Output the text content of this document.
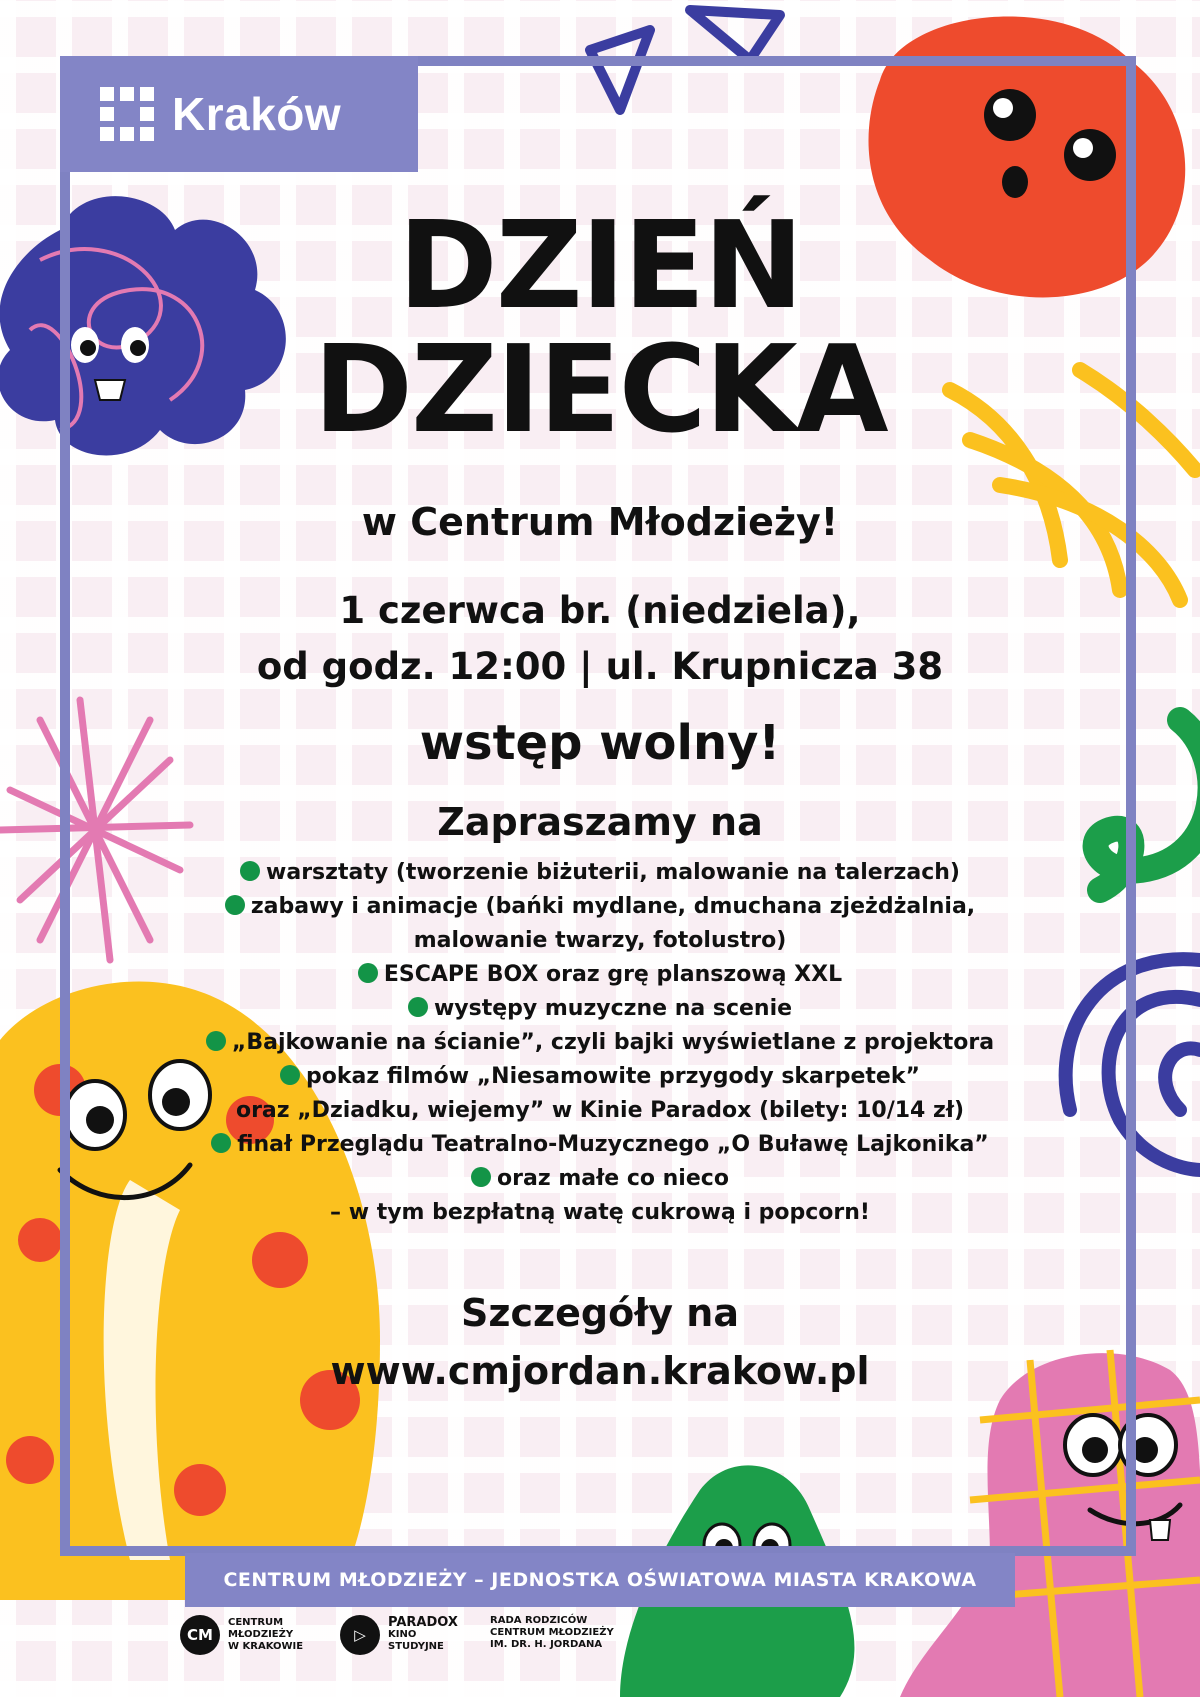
Kraków
DZIEŃ
DZIECKA
w Centrum Młodzieży!
1 czerwca br. (niedziela),
od godz. 12:00 | ul. Krupnicza 38
wstęp wolny!
Zapraszamy na
warsztaty (tworzenie biżuterii, malowanie na talerzach)
zabawy i animacje (bańki mydlane, dmuchana zjeżdżalnia,
malowanie twarzy, fotolustro)
ESCAPE BOX oraz grę planszową XXL
występy muzyczne na scenie
„Bajkowanie na ścianie”, czyli bajki wyświetlane z projektora
pokaz filmów „Niesamowite przygody skarpetek”
oraz „Dziadku, wiejemy” w Kinie Paradox (bilety: 10/14 zł)
finał Przeglądu Teatralno-Muzycznego „O Buławę Lajkonika”
oraz małe co nieco
– w tym bezpłatną watę cukrową i popcorn!
Szczegóły na
www.cmjordan.krakow.pl
CENTRUM MŁODZIEŻY – JEDNOSTKA OŚWIATOWA MIASTA KRAKOWA
CM
CENTRUM
MŁODZIEŻY
W KRAKOWIE
▷
PARADOX
KINO
STUDYJNE
RADA RODZICÓW
CENTRUM MŁODZIEŻY
IM. DR. H. JORDANA
